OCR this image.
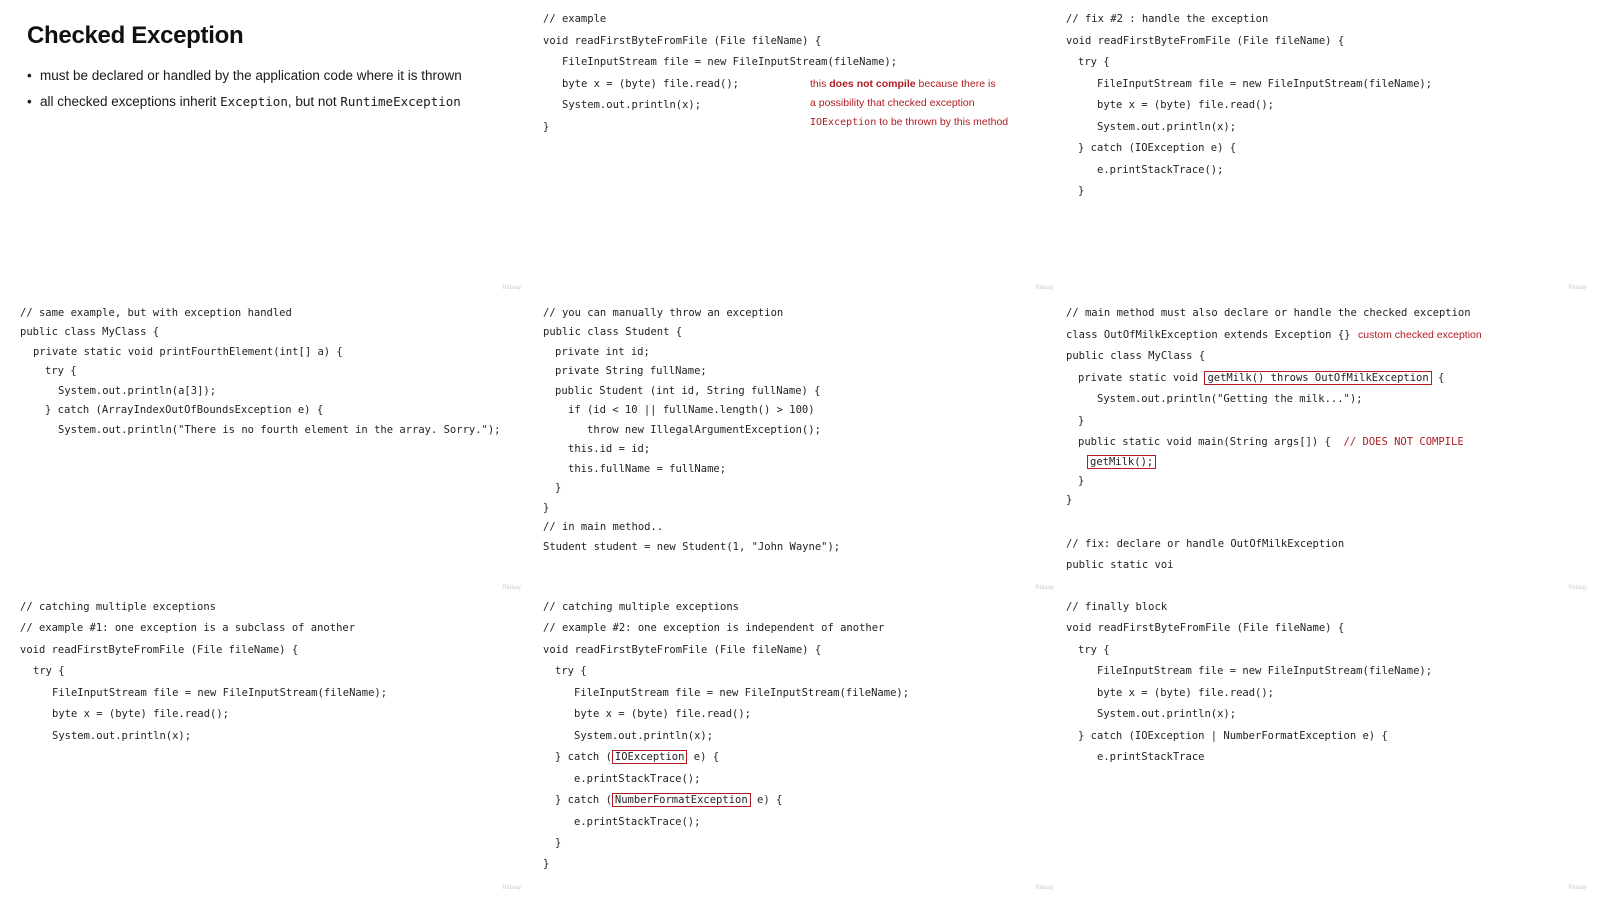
Checked Exception
• must be declared or handled by the application code where it is thrown
• all checked exceptions inherit Exception, but not RuntimeException
Ridaay
// example
void readFirstByteFromFile (File fileName) {
FileInputStream file = new FileInputStream(fileName);
byte x = (byte) file.read();
System.out.println(x);
}
this does not compile because there is
a possibility that checked exception
IOException to be thrown by this method
Ridaay
// fix #2 : handle the exception
void readFirstByteFromFile (File fileName) {
try {
FileInputStream file = new FileInputStream(fileName);
byte x = (byte) file.read();
System.out.println(x);
} catch (IOException e) {
e.printStackTrace();
}
Ridaay
// same example, but with exception handled
public class MyClass {
private static void printFourthElement(int[] a) {
try {
System.out.println(a[3]);
} catch (ArrayIndexOutOfBoundsException e) {
System.out.println("There is no fourth element in the array. Sorry.");
Ridaay
// you can manually throw an exception
public class Student {
private int id;
private String fullName;
public Student (int id, String fullName) {
if (id < 10 || fullName.length() > 100)
throw new IllegalArgumentException();
this.id = id;
this.fullName = fullName;
}
}
// in main method..
Student student = new Student(1, "John Wayne");
Ridaay
// main method must also declare or handle the checked exception
class OutOfMilkException extends Exception {} custom checked exception
public class MyClass {
private static void getMilk() throws OutOfMilkException {
System.out.println("Getting the milk...");
}
public static void main(String args[]) { // DOES NOT COMPILE
getMilk();
}
}
// fix: declare or handle OutOfMilkException
public static voi
Ridaay
// catching multiple exceptions
// example #1: one exception is a subclass of another
void readFirstByteFromFile (File fileName) {
try {
FileInputStream file = new FileInputStream(fileName);
byte x = (byte) file.read();
System.out.println(x);
Ridaay
// catching multiple exceptions
// example #2: one exception is independent of another
void readFirstByteFromFile (File fileName) {
try {
FileInputStream file = new FileInputStream(fileName);
byte x = (byte) file.read();
System.out.println(x);
} catch ( IOException e) {
e.printStackTrace();
} catch ( NumberFormatException e) {
e.printStackTrace();
}
}
Ridaay
// finally block
void readFirstByteFromFile (File fileName) {
try {
FileInputStream file = new FileInputStream(fileName);
byte x = (byte) file.read();
System.out.println(x);
} catch (IOException | NumberFormatException e) {
e.printStackTrace
Ridaay
